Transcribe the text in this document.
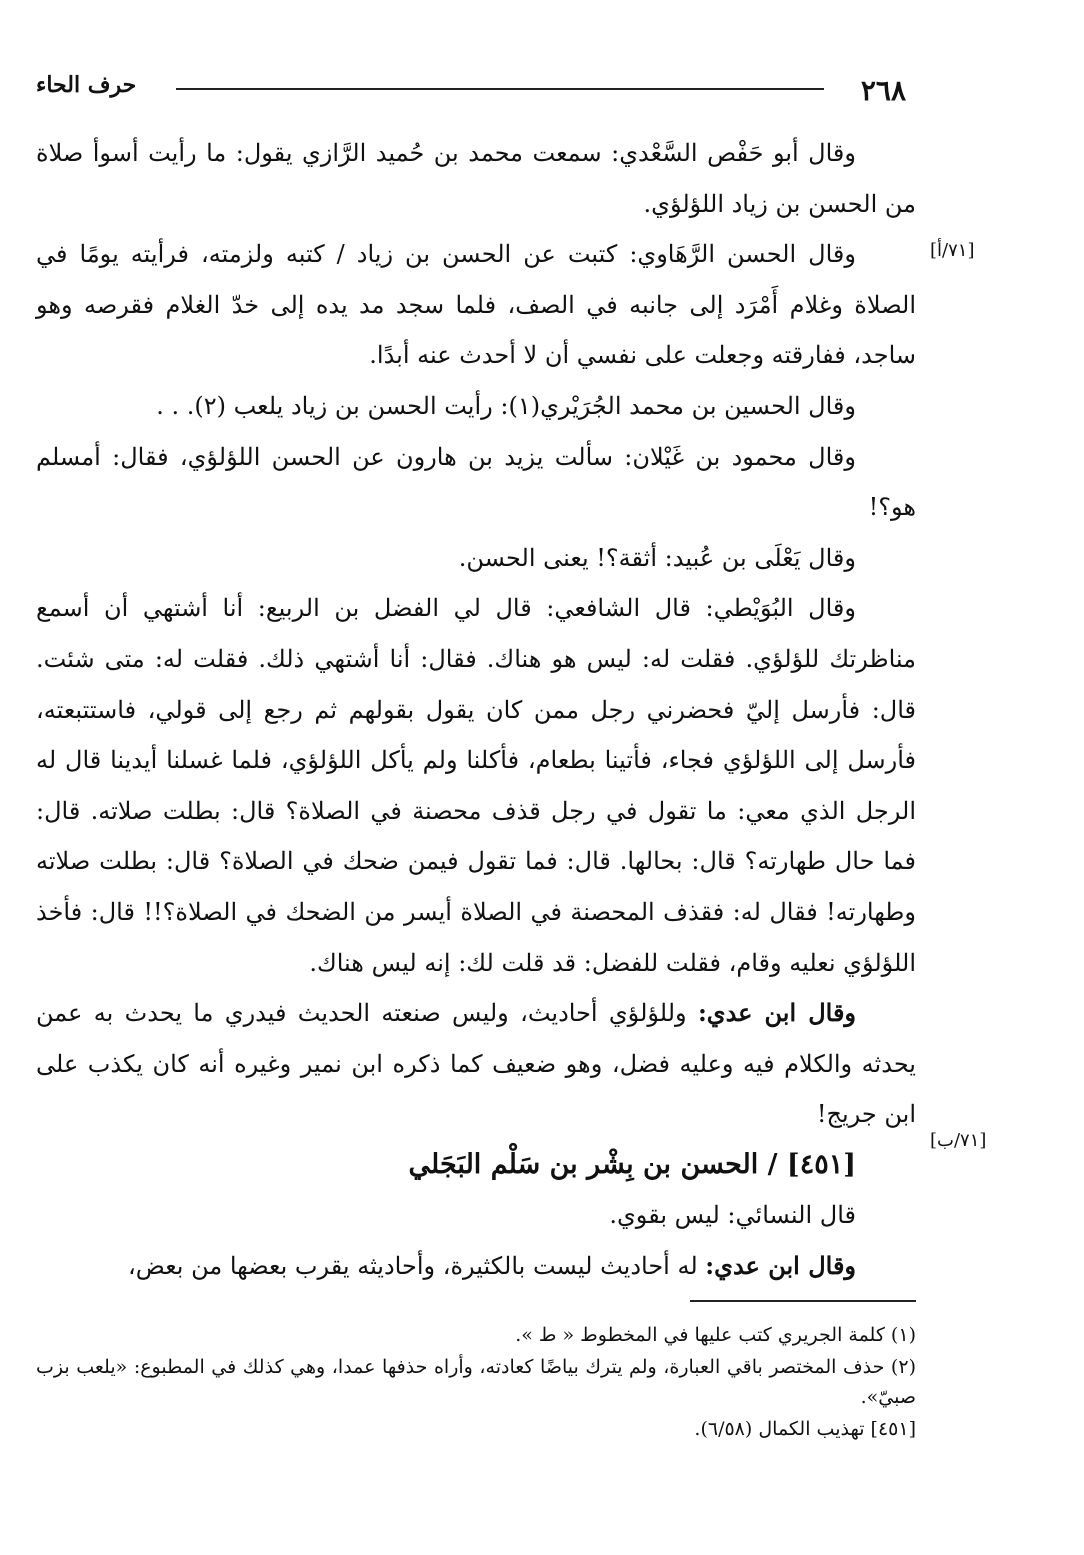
حرف الحاء	٢٦٨
[٧١/أ]
[٧١/ب]

وقال أبو حَفْص السَّعْدي: سمعت محمد بن حُميد الرَّازي يقول: ما رأيت أسوأ صلاة من الحسن بن زياد اللؤلؤي.

وقال الحسن الرَّهَاوي: كتبت عن الحسن بن زياد / كتبه ولزمته، فرأيته يومًا في الصلاة وغلام أَمْرَد إلى جانبه في الصف، فلما سجد مد يده إلى خدّ الغلام فقرصه وهو ساجد، ففارقته وجعلت على نفسي أن لا أحدث عنه أبدًا.

وقال الحسين بن محمد الجُرَيْري(١): رأيت الحسن بن زياد يلعب (٢). . .

وقال محمود بن غَيْلان: سألت يزيد بن هارون عن الحسن اللؤلؤي، فقال: أمسلم هو؟!

وقال يَعْلَى بن عُبيد: أثقة؟! يعنى الحسن.

وقال البُوَيْطي: قال الشافعي: قال لي الفضل بن الربيع: أنا أشتهي أن أسمع مناظرتك للؤلؤي. فقلت له: ليس هو هناك. فقال: أنا أشتهي ذلك. فقلت له: متى شئت. قال: فأرسل إليّ فحضرني رجل ممن كان يقول بقولهم ثم رجع إلى قولي، فاستتبعته، فأرسل إلى اللؤلؤي فجاء، فأتينا بطعام، فأكلنا ولم يأكل اللؤلؤي، فلما غسلنا أيدينا قال له الرجل الذي معي: ما تقول في رجل قذف محصنة في الصلاة؟ قال: بطلت صلاته. قال: فما حال طهارته؟ قال: بحالها. قال: فما تقول فيمن ضحك في الصلاة؟ قال: بطلت صلاته وطهارته! فقال له: فقذف المحصنة في الصلاة أيسر من الضحك في الصلاة؟!! قال: فأخذ اللؤلؤي نعليه وقام، فقلت للفضل: قد قلت لك: إنه ليس هناك.

وقال ابن عدي: وللؤلؤي أحاديث، وليس صنعته الحديث فيدري ما يحدث به عمن يحدثه والكلام فيه وعليه فضل، وهو ضعيف كما ذكره ابن نمير وغيره أنه كان يكذب على ابن جريج!

[٤٥١] / الحسن بن بِشْر بن سَلْم البَجَلي

قال النسائي: ليس بقوي.

وقال ابن عدي: له أحاديث ليست بالكثيرة، وأحاديثه يقرب بعضها من بعض،

(١) كلمة الجريري كتب عليها في المخطوط « ط ».

(٢) حذف المختصر باقي العبارة، ولم يترك بياضًا كعادته، وأراه حذفها عمدا، وهي كذلك في المطبوع: «يلعب بزب صبيّ».

[٤٥١] تهذيب الكمال (٦/٥٨).
